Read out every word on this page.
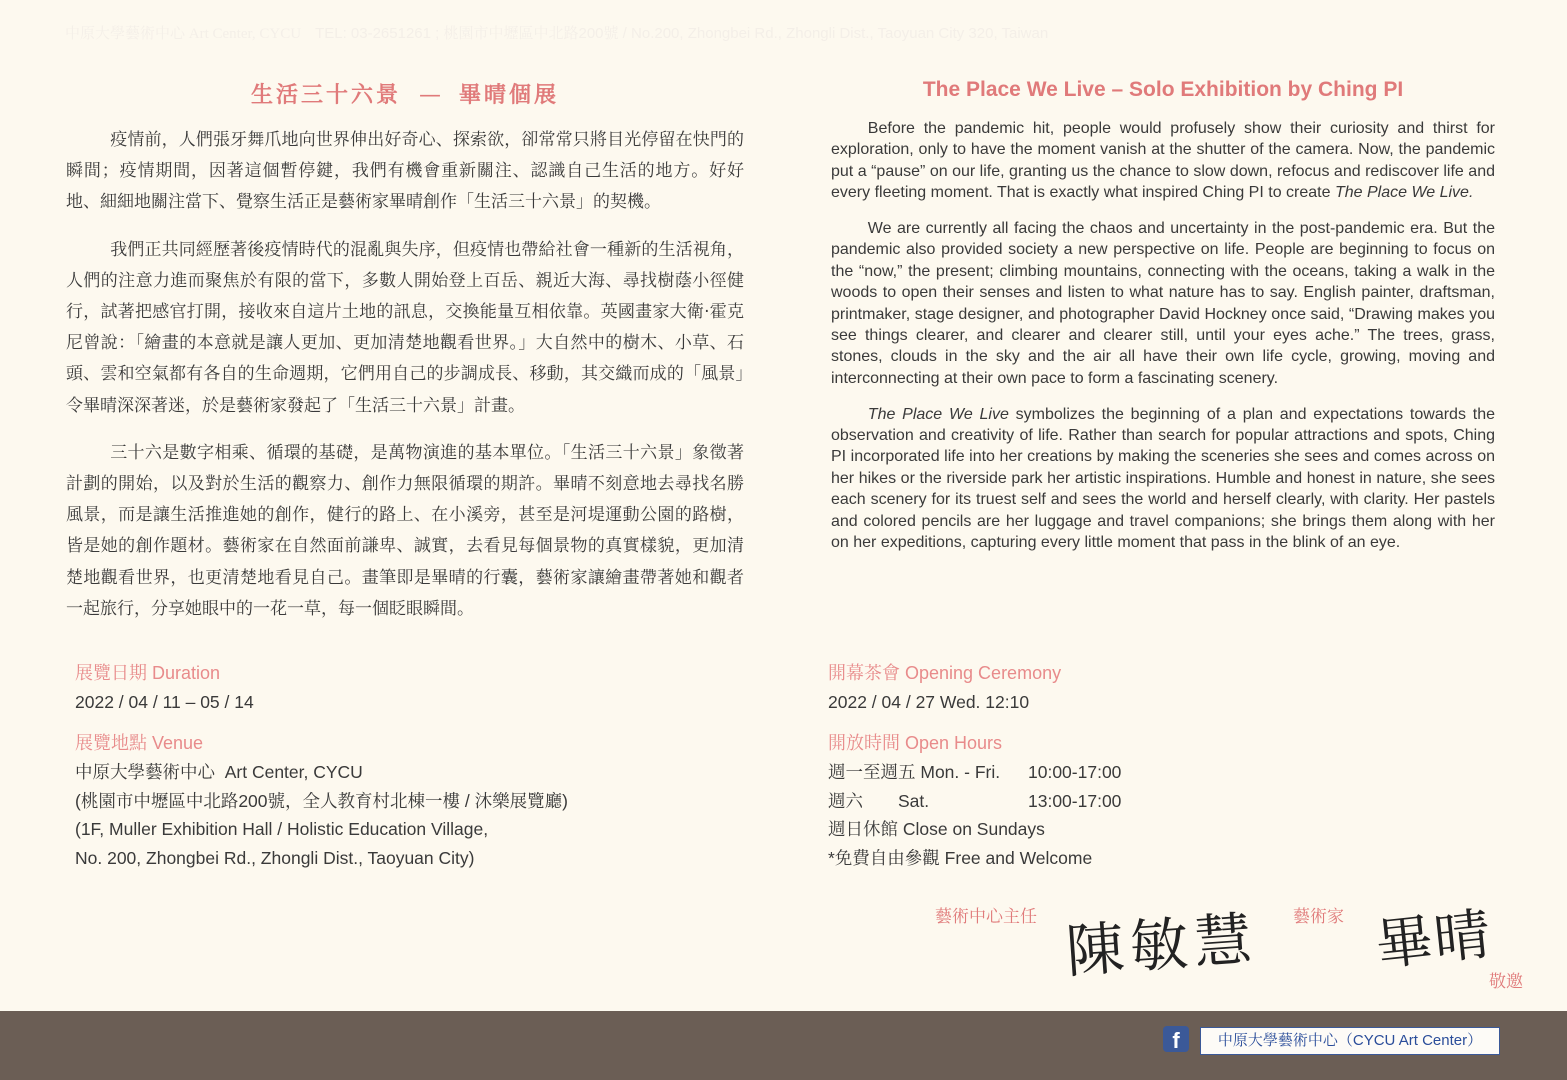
生活三十六景 — 畢晴個展	The Place We Live – Solo Exhibition by Ching PI

疫情前，人們張牙舞爪地向世界伸出好奇心、探索欲，卻常常只將目光停留在快門的瞬間；疫情期間，因著這個暫停鍵，我們有機會重新關注、認識自己生活的地方。好好地、細細地關注當下、覺察生活正是藝術家畢晴創作「生活三十六景」的契機。

我們正共同經歷著後疫情時代的混亂與失序，但疫情也帶給社會一種新的生活視角，人們的注意力進而聚焦於有限的當下，多數人開始登上百岳、親近大海、尋找樹蔭小徑健行，試著把感官打開，接收來自這片土地的訊息，交換能量互相依靠。英國畫家大衛·霍克尼曾說：「繪畫的本意就是讓人更加、更加清楚地觀看世界。」大自然中的樹木、小草、石頭、雲和空氣都有各自的生命週期，它們用自己的步調成長、移動，其交織而成的「風景」令畢晴深深著迷，於是藝術家發起了「生活三十六景」計畫。

三十六是數字相乘、循環的基礎，是萬物演進的基本單位。「生活三十六景」象徵著計劃的開始，以及對於生活的觀察力、創作力無限循環的期許。畢晴不刻意地去尋找名勝風景，而是讓生活推進她的創作，健行的路上、在小溪旁，甚至是河堤運動公園的路樹，皆是她的創作題材。藝術家在自然面前謙卑、誠實，去看見每個景物的真實樣貌，更加清楚地觀看世界，也更清楚地看見自己。畫筆即是畢晴的行囊，藝術家讓繪畫帶著她和觀者一起旅行，分享她眼中的一花一草，每一個眨眼瞬間。

Before the pandemic hit, people would profusely show their curiosity and thirst for exploration, only to have the moment vanish at the shutter of the camera. Now, the pandemic put a “pause” on our life, granting us the chance to slow down, refocus and rediscover life and every fleeting moment. That is exactly what inspired Ching PI to create The Place We Live.

We are currently all facing the chaos and uncertainty in the post-pandemic era. But the pandemic also provided society a new perspective on life. People are beginning to focus on the “now,” the present; climbing mountains, connecting with the oceans, taking a walk in the woods to open their senses and listen to what nature has to say. English painter, draftsman, printmaker, stage designer, and photographer David Hockney once said, “Drawing makes you see things clearer, and clearer and clearer still, until your eyes ache.” The trees, grass, stones, clouds in the sky and the air all have their own life cycle, growing, moving and interconnecting at their own pace to form a fascinating scenery.

The Place We Live symbolizes the beginning of a plan and expectations towards the observation and creativity of life. Rather than search for popular attractions and spots, Ching PI incorporated life into her creations by making the sceneries she sees and comes across on her hikes or the riverside park her artistic inspirations. Humble and honest in nature, she sees each scenery for its truest self and sees the world and herself clearly, with clarity. Her pastels and colored pencils are her luggage and travel companions; she brings them along with her on her expeditions, capturing every little moment that pass in the blink of an eye.

展覽日期 Duration
2022 / 04 / 11 – 05 / 14
展覽地點 Venue
中原大學藝術中心  Art Center, CYCU
(桃園市中壢區中北路200號，全人教育村北棟一樓 / 沐樂展覽廳)
(1F, Muller Exhibition Hall / Holistic Education Village,
No. 200, Zhongbei Rd., Zhongli Dist., Taoyuan City)
開幕茶會 Opening Ceremony
2022 / 04 / 27 Wed. 12:10
開放時間 Open Hours
週一至週五 Mon. - Fri. 10:00-17:00
週六 Sat.	13:00-17:00
週日休館 Close on Sundays
*免費自由參觀 Free and Welcome
藝術中心主任 陳敏慧 藝術家 畢晴
敬邀
中原大學藝術中心 Art Center, CYCU TEL: 03-2651261 ; 桃園市中壢區中北路200號 / No.200, Zhongbei Rd., Zhongli Dist., Taoyuan City 320, Taiwan
f	中原大學藝術中心（CYCU Art Center）
